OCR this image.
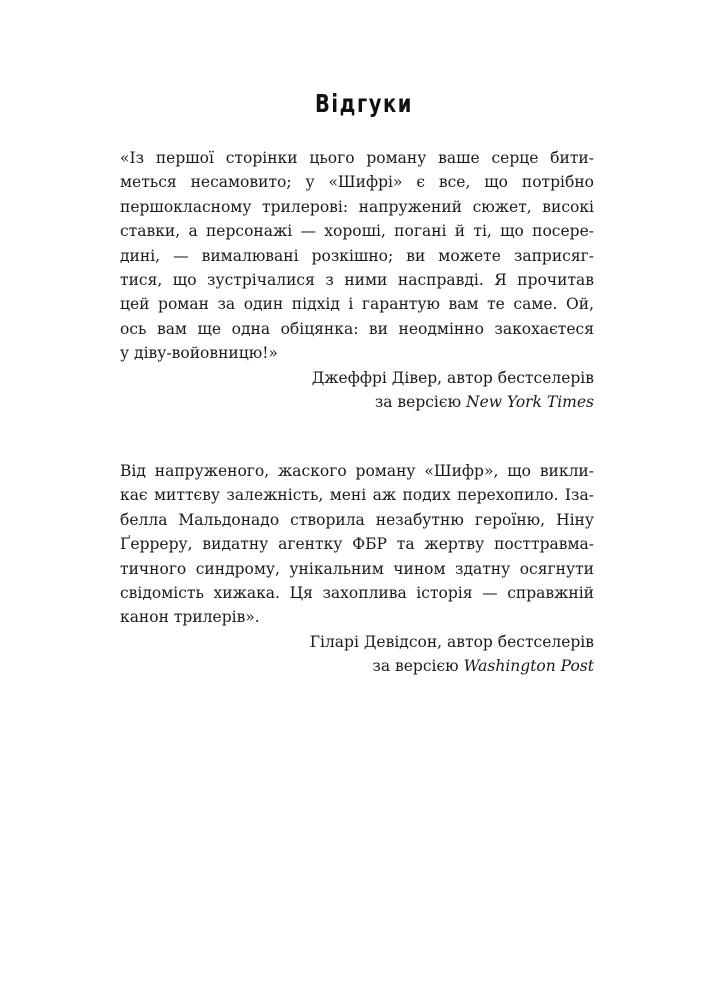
Відгуки
«Із першої сторінки цього роману ваше серце бити-
меться несамовито; у «Шифрі» є все, що потрібно
першокласному трилерові: напружений сюжет, високі
ставки, а персонажі — хороші, погані й ті, що посере-
дині, — вималювані розкішно; ви можете заприсяг-
тися, що зустрічалися з ними насправді. Я прочитав
цей роман за один підхід і гарантую вам те саме. Ой,
ось вам ще одна обіцянка: ви неодмінно закохаєтеся
у діву-войовницю!»
Джеффрі Дівер, автор бестселерів
за версією New York Times
Від напруженого, жаского роману «Шифр», що викли-
кає миттєву залежність, мені аж подих перехопило. Іза-
белла Мальдонадо створила незабутню героїню, Ніну
Ґерреру, видатну агентку ФБР та жертву посттравма-
тичного синдрому, унікальним чином здатну осягнути
свідомість хижака. Ця захоплива історія — справжній
канон трилерів».
Гіларі Девідсон, автор бестселерів
за версією Washington Post
